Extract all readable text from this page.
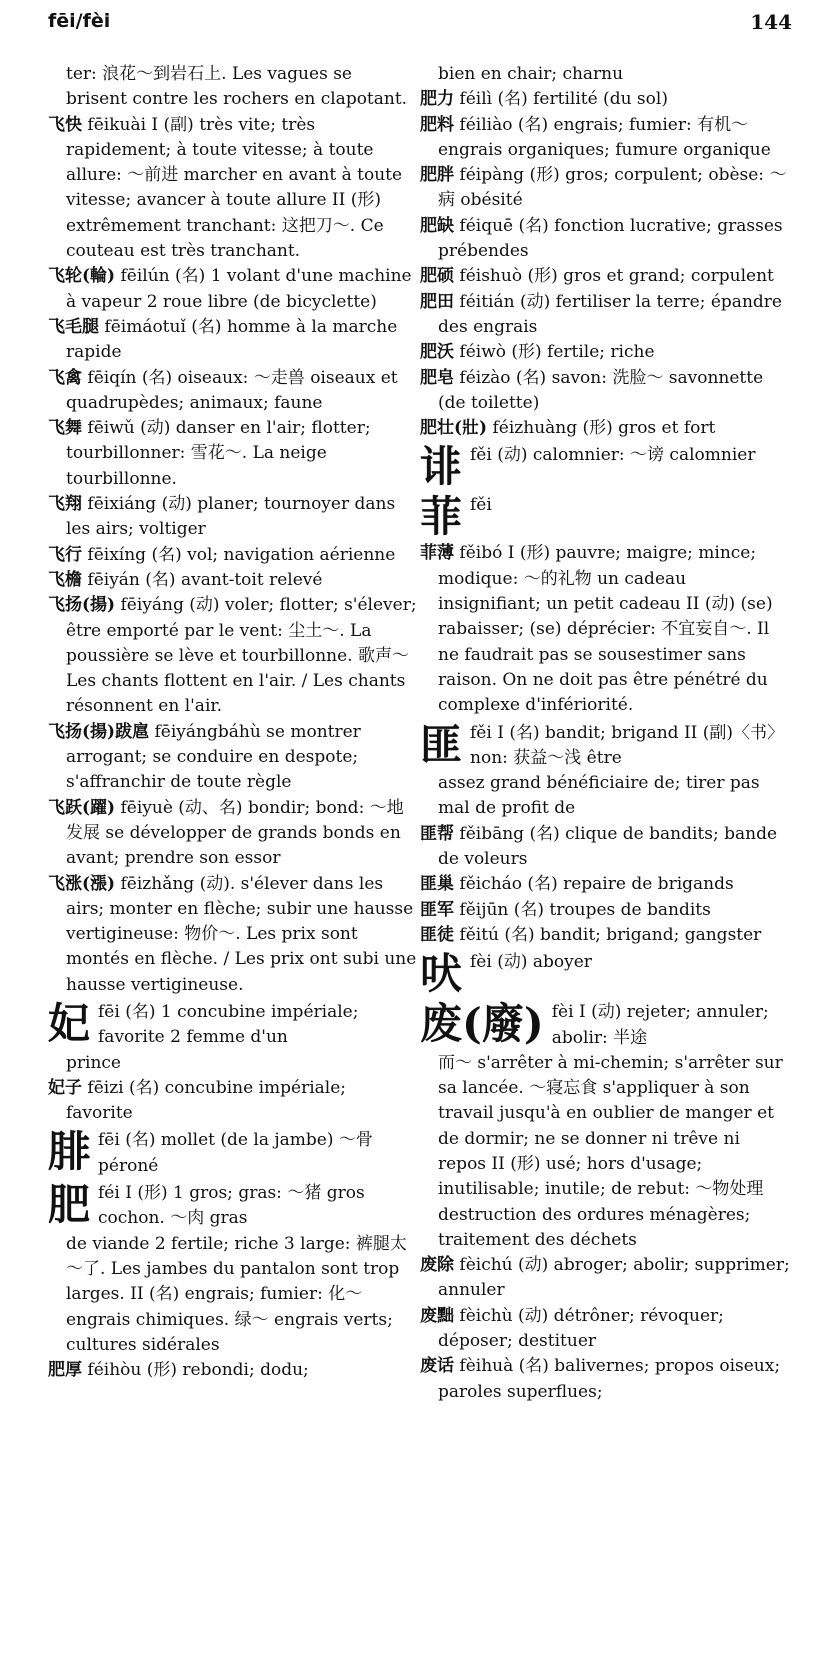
fēi/fèi	144
ter: 浪花～到岩石上. Les vagues se brisent contre les rochers en clapotant.
飞快 fēikuài I (副) très vite; très rapidement; à toute vitesse; à toute allure: ～前进 marcher en avant à toute vitesse; avancer à toute allure II (形) extrêmement tranchant: 这把刀～. Ce couteau est très tranchant.
飞轮(輪) fēilún (名) 1 volant d'une machine à vapeur 2 roue libre (de bicyclette)
飞毛腿 fēimáotuǐ (名) homme à la marche rapide
飞禽 fēiqín (名) oiseaux: ～走兽 oiseaux et quadrupèdes; animaux; faune
飞舞 fēiwǔ (动) danser en l'air; flotter; tourbillonner: 雪花～. La neige tourbillonne.
飞翔 fēixiáng (动) planer; tournoyer dans les airs; voltiger
飞行 fēixíng (名) vol; navigation aérienne
飞檐 fēiyán (名) avant-toit relevé
飞扬(揚) fēiyáng (动) voler; flotter; s'élever; être emporté par le vent: 尘土～. La poussière se lève et tourbillonne. 歌声～ Les chants flottent en l'air. / Les chants résonnent en l'air.
飞扬(揚)跋扈 fēiyángbáhù se montrer arrogant; se conduire en despote; s'affranchir de toute règle
飞跃(躍) fēiyuè (动、名) bondir; bond: ～地发展 se développer de grands bonds en avant; prendre son essor
飞涨(漲) fēizhǎng (动). s'élever dans les airs; monter en flèche; subir une hausse vertigineuse: 物价～. Les prix sont montés en flèche. / Les prix ont subi une hausse vertigineuse.
妃 fēi (名) 1 concubine impériale; favorite 2 femme d'un
prince
妃子 fēizi (名) concubine impériale; favorite
腓 fēi (名) mollet (de la jambe) ～骨 péroné
肥 féi I (形) 1 gros; gras: ～猪 gros cochon. ～肉 gras
de viande 2 fertile; riche 3 large: 裤腿太～了. Les jambes du pantalon sont trop larges. II (名) engrais; fumier: 化～ engrais chimiques. 绿～ engrais verts; cultures sidérales
肥厚 féihòu (形) rebondi; dodu;
bien en chair; charnu
肥力 féilì (名) fertilité (du sol)
肥料 féiliào (名) engrais; fumier: 有机～ engrais organiques; fumure organique
肥胖 féipàng (形) gros; corpulent; obèse: ～病 obésité
肥缺 féiquē (名) fonction lucrative; grasses prébendes
肥硕 féishuò (形) gros et grand; corpulent
肥田 féitián (动) fertiliser la terre; épandre des engrais
肥沃 féiwò (形) fertile; riche
肥皂 féizào (名) savon: 洗脸～ savonnette (de toilette)
肥壮(壯) féizhuàng (形) gros et fort
诽 fěi (动) calomnier: ～谤 calomnier
菲 fěi
菲薄 fěibó I (形) pauvre; maigre; mince; modique: ～的礼物 un cadeau insignifiant; un petit cadeau II (动) (se) rabaisser; (se) déprécier: 不宜妄自～. Il ne faudrait pas se sousestimer sans raison. On ne doit pas être pénétré du complexe d'infériorité.
匪 fěi I (名) bandit; brigand II (副)〈书〉non: 获益～浅 être
assez grand bénéficiaire de; tirer pas mal de profit de
匪帮 fěibāng (名) clique de bandits; bande de voleurs
匪巢 fěicháo (名) repaire de brigands
匪军 fěijūn (名) troupes de bandits
匪徒 fěitú (名) bandit; brigand; gangster
吠 fèi (动) aboyer
废(廢) fèi I (动) rejeter; annuler; abolir: 半途
而～ s'arrêter à mi-chemin; s'arrêter sur sa lancée. ～寝忘食 s'appliquer à son travail jusqu'à en oublier de manger et de dormir; ne se donner ni trêve ni repos II (形) usé; hors d'usage; inutilisable; inutile; de rebut: ～物处理 destruction des ordures ménagères; traitement des déchets
废除 fèichú (动) abroger; abolir; supprimer; annuler
废黜 fèichù (动) détrôner; révoquer; déposer; destituer
废话 fèihuà (名) balivernes; propos oiseux; paroles superflues;
